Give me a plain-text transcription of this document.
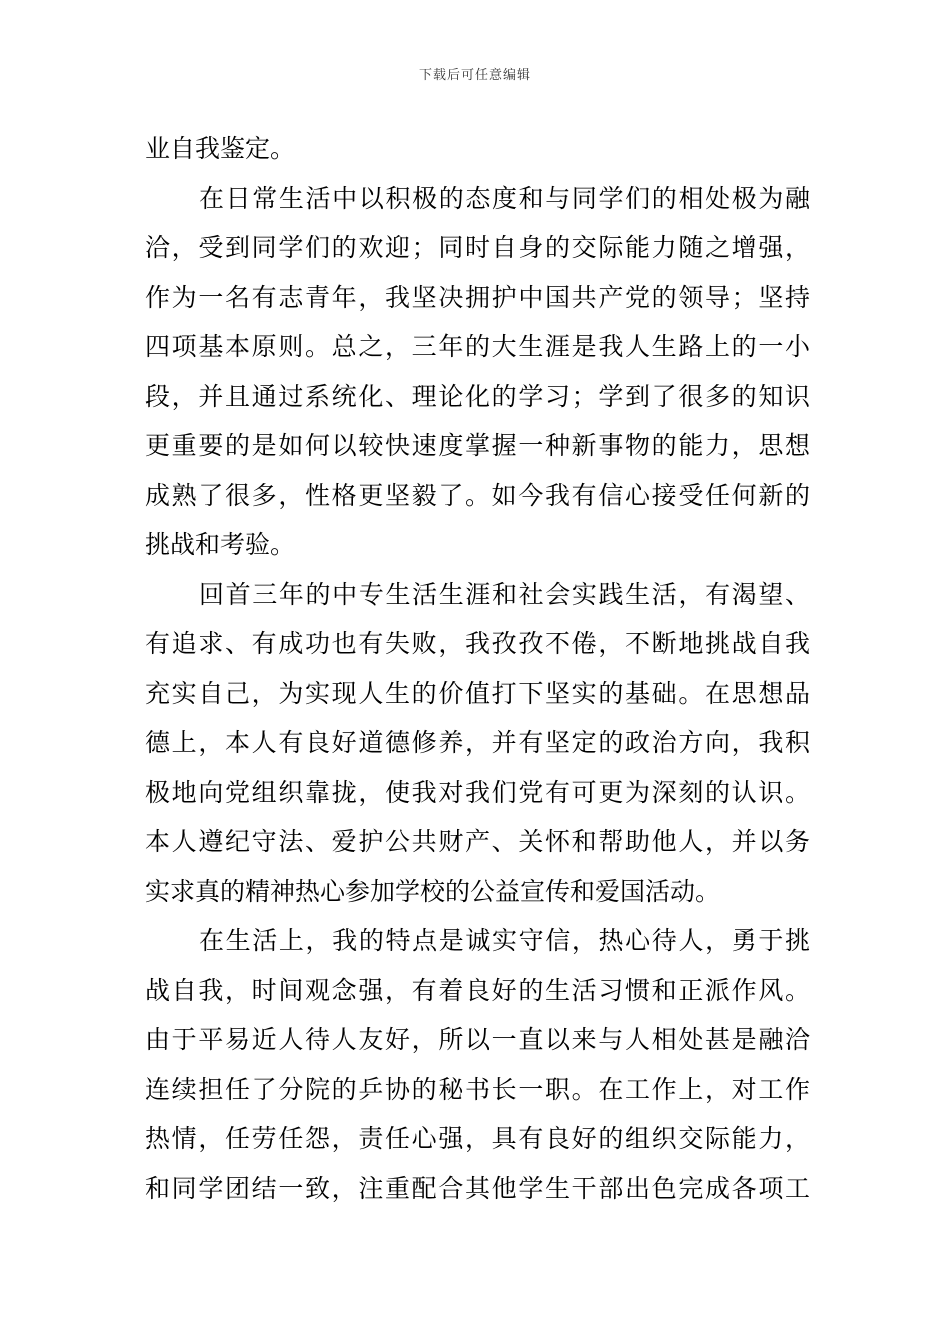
下载后可任意编辑
业自我鉴定。
在日常生活中以积极的态度和与同学们的相处极为融
洽，受到同学们的欢迎；同时自身的交际能力随之增强，
作为一名有志青年，我坚决拥护中国共产党的领导；坚持
四项基本原则。总之，三年的大生涯是我人生路上的一小
段，并且通过系统化、理论化的学习；学到了很多的知识
更重要的是如何以较快速度掌握一种新事物的能力，思想
成熟了很多，性格更坚毅了。如今我有信心接受任何新的
挑战和考验。
回首三年的中专生活生涯和社会实践生活，有渴望、
有追求、有成功也有失败，我孜孜不倦，不断地挑战自我
充实自己，为实现人生的价值打下坚实的基础。在思想品
德上，本人有良好道德修养，并有坚定的政治方向，我积
极地向党组织靠拢，使我对我们党有可更为深刻的认识。
本人遵纪守法、爱护公共财产、关怀和帮助他人，并以务
实求真的精神热心参加学校的公益宣传和爱国活动。
在生活上，我的特点是诚实守信，热心待人，勇于挑
战自我，时间观念强，有着良好的生活习惯和正派作风。
由于平易近人待人友好，所以一直以来与人相处甚是融洽
连续担任了分院的乒协的秘书长一职。在工作上，对工作
热情，任劳任怨，责任心强，具有良好的组织交际能力，
和同学团结一致，注重配合其他学生干部出色完成各项工
